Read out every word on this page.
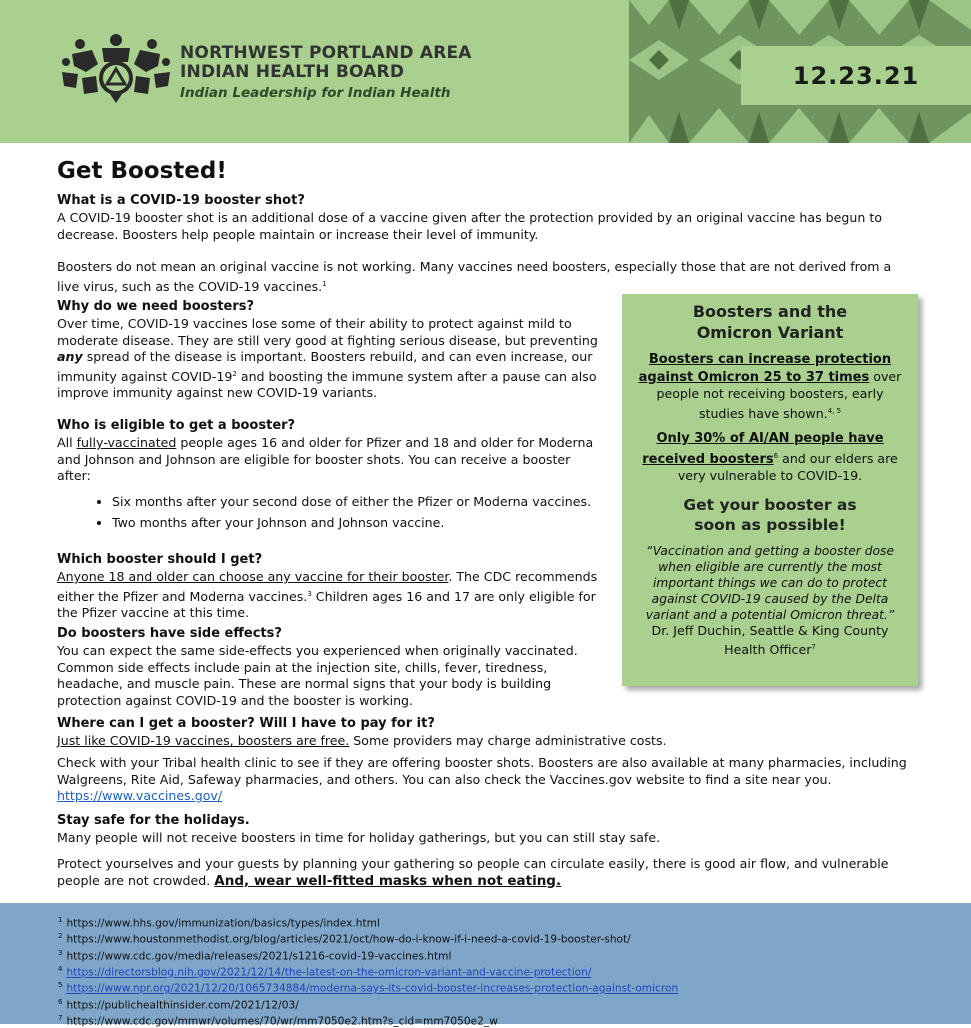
12.23.21
NORTHWEST PORTLAND AREA
INDIAN HEALTH BOARD
Indian Leadership for Indian Health
Get Boosted!
What is a COVID-19 booster shot?

A COVID-19 booster shot is an additional dose of a vaccine given after the protection provided by an original vaccine has begun to decrease. Boosters help people maintain or increase their level of immunity.

Boosters do not mean an original vaccine is not working. Many vaccines need boosters, especially those that are not derived from a live virus, such as the COVID-19 vaccines.$^1$

Why do we need boosters?

Over time, COVID-19 vaccines lose some of their ability to protect against mild to moderate disease. They are still very good at fighting serious disease, but preventing any spread of the disease is important. Boosters rebuild, and can even increase, our immunity against COVID-$19^2$ and boosting the immune system after a pause can also improve immunity against new COVID-19 variants.

Who is eligible to get a booster?

All fully-vaccinated people ages 16 and older for Pfizer and 18 and older for Moderna and Johnson and Johnson are eligible for booster shots. You can receive a booster after:

• Six months after your second dose of either the Pfizer or Moderna vaccines.
• Two months after your Johnson and Johnson vaccine.
Which booster should I get?

Anyone 18 and older can choose any vaccine for their booster. The CDC recommends either the Pfizer and Moderna vaccines.$^3$ Children ages 16 and 17 are only eligible for the Pfizer vaccine at this time.

Do boosters have side effects?

You can expect the same side-effects you experienced when originally vaccinated. Common side effects include pain at the injection site, chills, fever, tiredness, headache, and muscle pain. These are normal signs that your body is building protection against COVID-19 and the booster is working.

Where can I get a booster? Will I have to pay for it?

Just like COVID-19 vaccines, boosters are free. Some providers may charge administrative costs.

Check with your Tribal health clinic to see if they are offering booster shots. Boosters are also available at many pharmacies, including Walgreens, Rite Aid, Safeway pharmacies, and others. You can also check the Vaccines.gov website to find a site near you. https://www.vaccines.gov/

Stay safe for the holidays.

Many people will not receive boosters in time for holiday gatherings, but you can still stay safe.

Protect yourselves and your guests by planning your gathering so people can circulate easily, there is good air flow, and vulnerable people are not crowded. And, wear well-fitted masks when not eating.

Boosters and the
Omicron Variant
Boosters can increase protection against Omicron 25 to 37 times over people not receiving boosters, early studies have shown.$^{4, 5}$
Only 30% of AI/AN people have received boosters$^6$ and our elders are very vulnerable to COVID-19.
Get your booster as
soon as possible!
“Vaccination and getting a booster dose when eligible are currently the most important things we can do to protect against COVID-19 caused by the Delta variant and a potential Omicron threat.”
Dr. Jeff Duchin, Seattle & King County Health Officer$^7$
$^1$ https://www.hhs.gov/immunization/basics/types/index.html
$^2$ https://www.houstonmethodist.org/blog/articles/2021/oct/how-do-i-know-if-i-need-a-covid-19-booster-shot/
$^3$ https://www.cdc.gov/media/releases/2021/s1216-covid-19-vaccines.html
$^4$ https://directorsblog.nih.gov/2021/12/14/the-latest-on-the-omicron-variant-and-vaccine-protection/
$^5$ https://www.npr.org/2021/12/20/1065734884/moderna-says-its-covid-booster-increases-protection-against-omicron
$^6$ https://publichealthinsider.com/2021/12/03/
$^7$ https://www.cdc.gov/mmwr/volumes/70/wr/mm7050e2.htm?s_cid=mm7050e2_w
